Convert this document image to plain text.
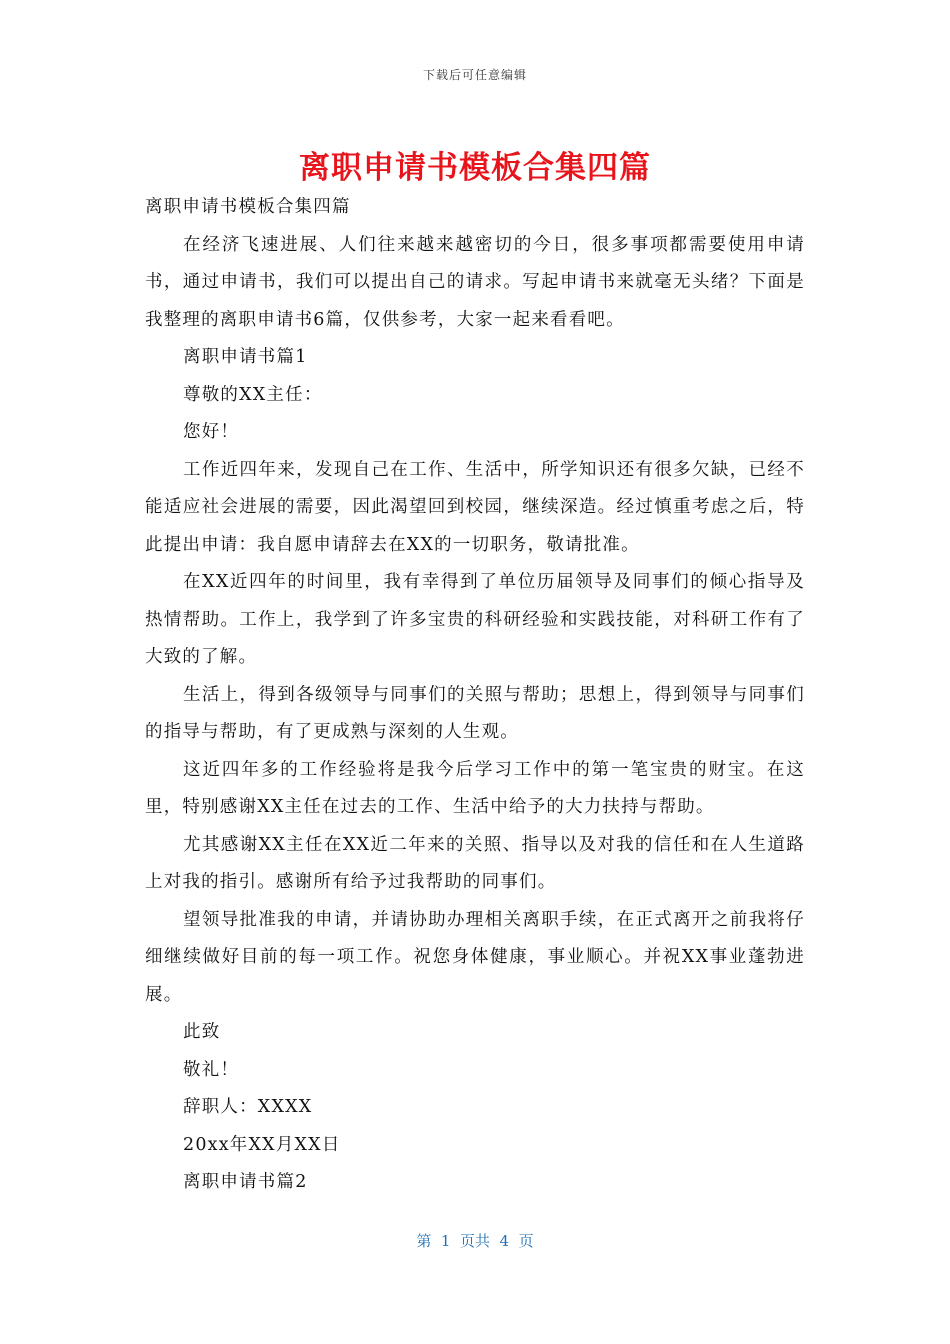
下载后可任意编辑
离职申请书模板合集四篇

离职申请书模板合集四篇

在经济飞速进展、人们往来越来越密切的今日，很多事项都需要使用申请书，通过申请书，我们可以提出自己的请求。写起申请书来就毫无头绪？下面是我整理的离职申请书6篇，仅供参考，大家一起来看看吧。

离职申请书篇1

尊敬的XX主任：

您好！

工作近四年来，发现自己在工作、生活中，所学知识还有很多欠缺，已经不能适应社会进展的需要，因此渴望回到校园，继续深造。经过慎重考虑之后，特此提出申请：我自愿申请辞去在XX的一切职务，敬请批准。

在XX近四年的时间里，我有幸得到了单位历届领导及同事们的倾心指导及热情帮助。工作上，我学到了许多宝贵的科研经验和实践技能，对科研工作有了大致的了解。

生活上，得到各级领导与同事们的关照与帮助；思想上，得到领导与同事们的指导与帮助，有了更成熟与深刻的人生观。

这近四年多的工作经验将是我今后学习工作中的第一笔宝贵的财宝。在这里，特别感谢XX主任在过去的工作、生活中给予的大力扶持与帮助。

尤其感谢XX主任在XX近二年来的关照、指导以及对我的信任和在人生道路上对我的指引。感谢所有给予过我帮助的同事们。

望领导批准我的申请，并请协助办理相关离职手续，在正式离开之前我将仔细继续做好目前的每一项工作。祝您身体健康，事业顺心。并祝XX事业蓬勃进展。

此致

敬礼！

辞职人：XXXX

20xx年XX月XX日

离职申请书篇2

第  1  页共  4  页
